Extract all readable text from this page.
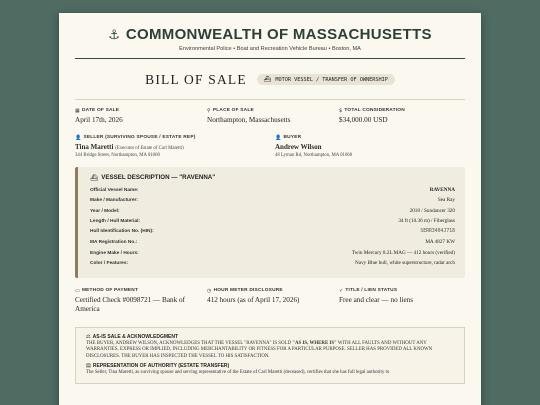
⚓ COMMONWEALTH OF MASSACHUSETTS
Environmental Police • Boat and Recreation Vehicle Bureau • Boston, MA
BILL OF SALE	⛴ MOTOR VESSEL / TRANSFER OF OWNERSHIP
▦ DATE OF SALE
April 17th, 2026
⚲ PLACE OF SALE
Northampton, Massachusetts
$ TOTAL CONSIDERATION
$34,000.00 USD
👤 SELLER (SURVIVING SPOUSE / ESTATE REP)
Tina Maretti (Executor of Estate of Carl Maretti)
344 Bridge Street, Northampton, MA 01060
👤 BUYER
Andrew Wilson
48 Lyman Rd, Northampton, MA 01060
⛴ VESSEL DESCRIPTION — "RAVENNA"
Official Vessel Name:	RAVENNA
Make / Manufacturer:	Sea Ray
Year / Model:	2018 / Sundancer 320
Length / Hull Material:	34 ft (10.36 m) / Fiberglass
Hull Identification No. (HIN):	SERR3404J718
MA Registration No.:	MA 4827 KW
Engine Make / Hours:	Twin Mercury 8.2L MAG — 412 hours (verified)
Color / Features:	Navy Blue hull, white superstructure, radar arch
▭ METHOD OF PAYMENT
Certified Check #0098721 — Bank of America
◷ HOUR METER DISCLOSURE
412 hours (as of April 17, 2026)
✓ TITLE / LIEN STATUS
Free and clear — no liens
⚖ AS-IS SALE & ACKNOWLEDGMENT

THE BUYER, ANDREW WILSON, ACKNOWLEDGES THAT THE VESSEL "RAVENNA" IS SOLD "AS IS, WHERE IS" WITH ALL FAULTS AND WITHOUT ANY WARRANTIES, EXPRESS OR IMPLIED, INCLUDING MERCHANTABILITY OR FITNESS FOR A PARTICULAR PURPOSE. SELLER HAS PROVIDED ALL KNOWN DISCLOSURES. THE BUYER HAS INSPECTED THE VESSEL TO HIS SATISFACTION.

▤ REPRESENTATION OF AUTHORITY (ESTATE TRANSFER)

The Seller, Tina Maretti, as surviving spouse and serving representative of the Estate of Carl Maretti (deceased), certifies that she has full legal authority to
